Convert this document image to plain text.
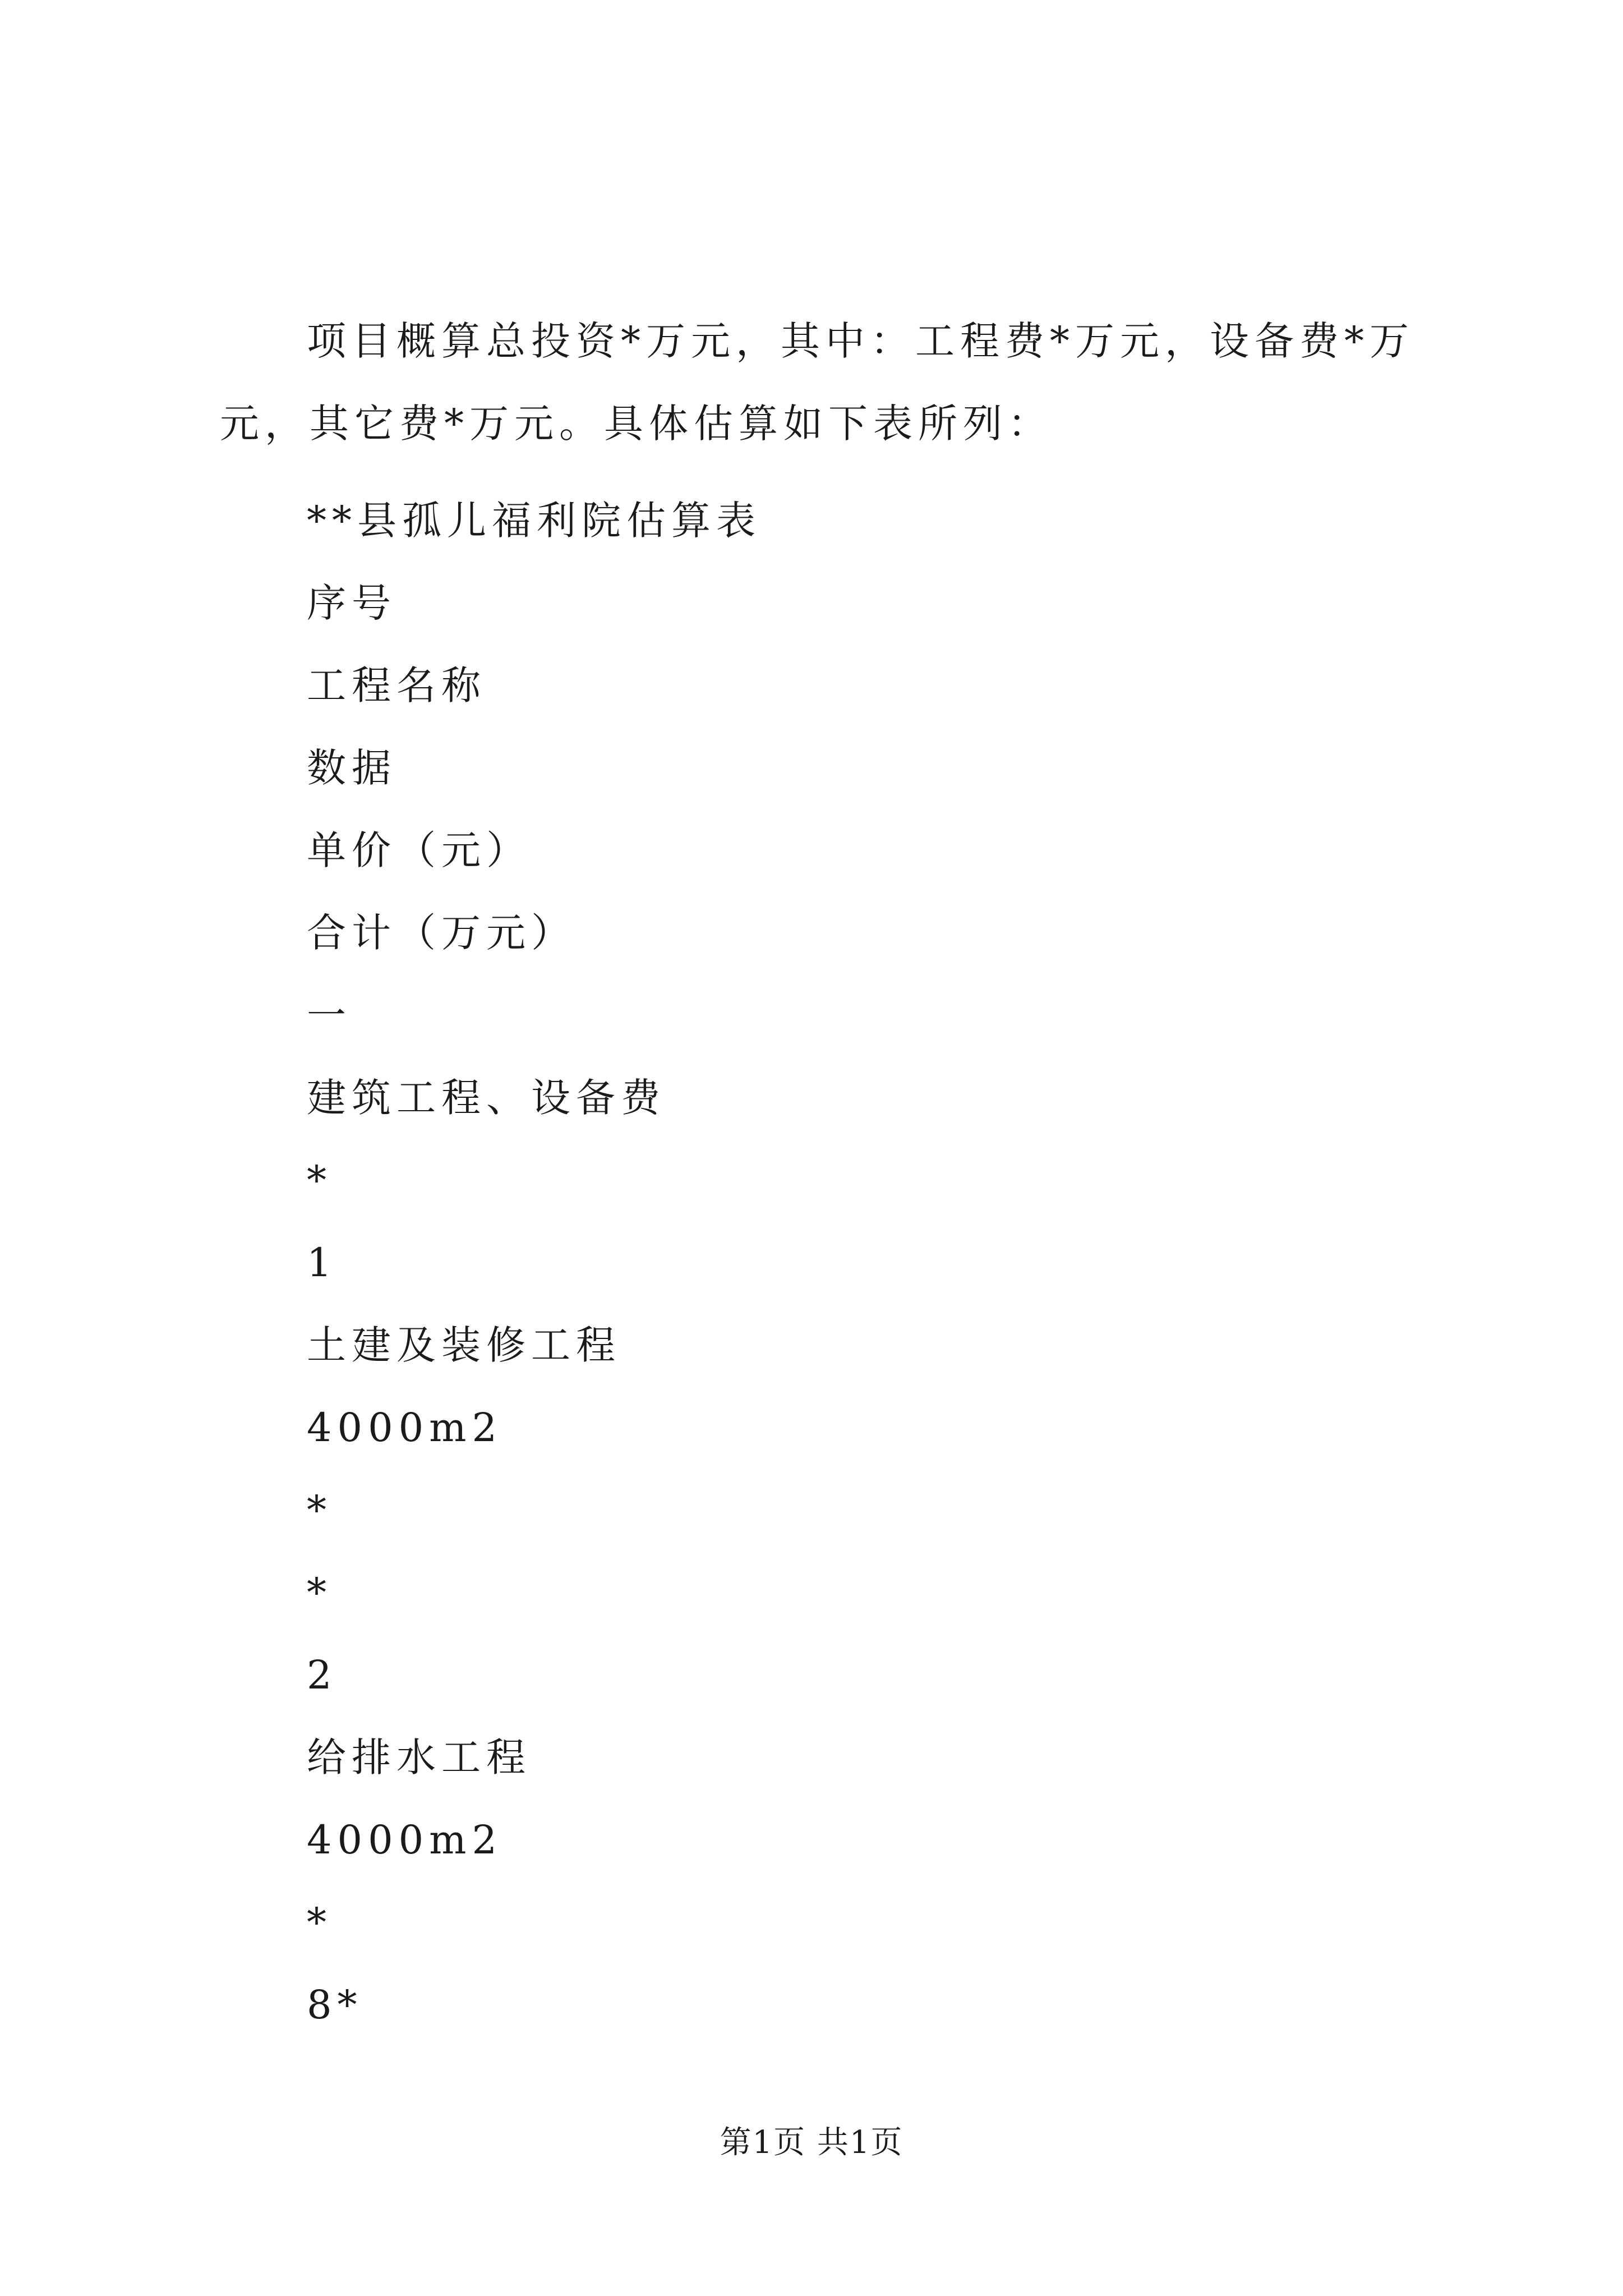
项目概算总投资*万元，其中：工程费*万元，设备费*万元，其它费*万元。具体估算如下表所列：

**县孤儿福利院估算表
序号
工程名称
数据
单价（元）
合计（万元）
一
建筑工程、设备费
*
1
土建及装修工程
4000m2
*
*
2
给排水工程
4000m2
*
8*
第1页 共1页
